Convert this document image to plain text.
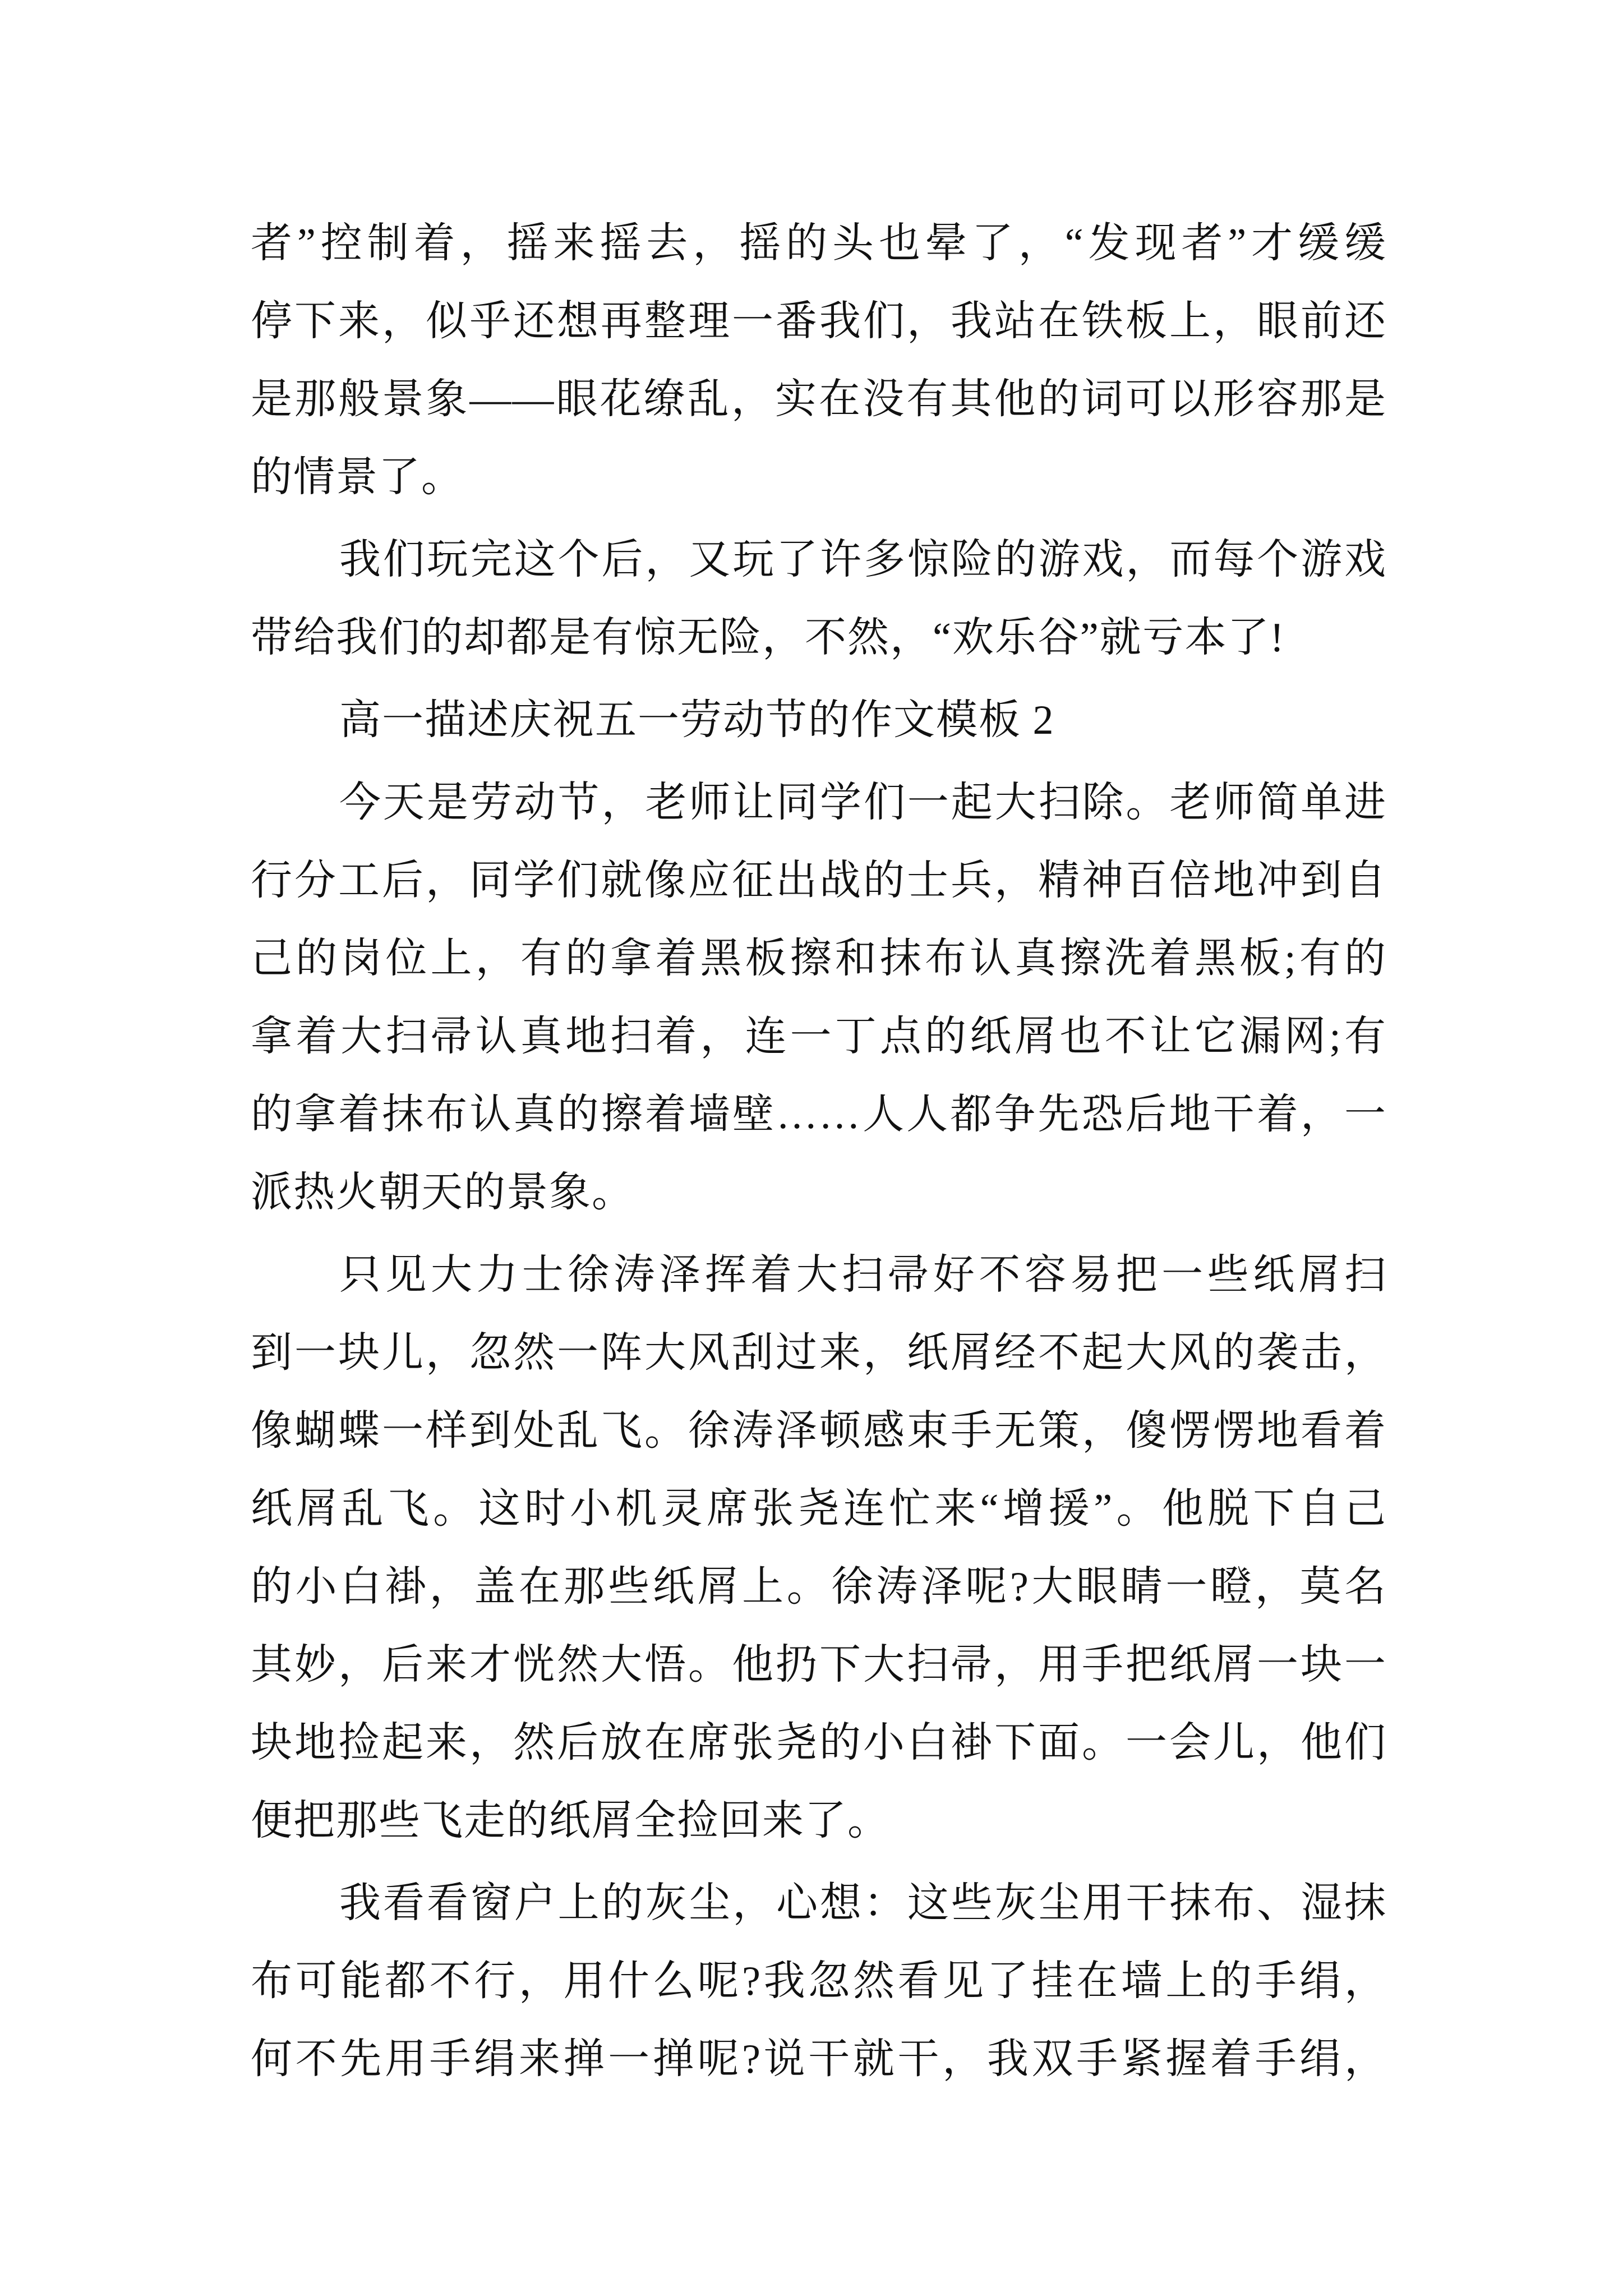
者”控制着，摇来摇去，摇的头也晕了，“发现者”才缓缓
停下来，似乎还想再整理一番我们，我站在铁板上，眼前还
是那般景象——眼花缭乱，实在没有其他的词可以形容那是
的情景了。

我们玩完这个后，又玩了许多惊险的游戏，而每个游戏
带给我们的却都是有惊无险，不然，“欢乐谷”就亏本了!

高一描述庆祝五一劳动节的作文模板 2

今天是劳动节，老师让同学们一起大扫除。老师简单进
行分工后，同学们就像应征出战的士兵，精神百倍地冲到自
己的岗位上，有的拿着黑板擦和抹布认真擦洗着黑板;有的
拿着大扫帚认真地扫着，连一丁点的纸屑也不让它漏网;有
的拿着抹布认真的擦着墙壁……人人都争先恐后地干着，一
派热火朝天的景象。

只见大力士徐涛泽挥着大扫帚好不容易把一些纸屑扫
到一块儿，忽然一阵大风刮过来，纸屑经不起大风的袭击，
像蝴蝶一样到处乱飞。徐涛泽顿感束手无策，傻愣愣地看着
纸屑乱飞。这时小机灵席张尧连忙来“增援”。他脱下自己
的小白褂，盖在那些纸屑上。徐涛泽呢?大眼睛一瞪，莫名
其妙，后来才恍然大悟。他扔下大扫帚，用手把纸屑一块一
块地捡起来，然后放在席张尧的小白褂下面。一会儿，他们
便把那些飞走的纸屑全捡回来了。

我看看窗户上的灰尘，心想：这些灰尘用干抹布、湿抹
布可能都不行，用什么呢?我忽然看见了挂在墙上的手绢，
何不先用手绢来掸一掸呢?说干就干，我双手紧握着手绢，
